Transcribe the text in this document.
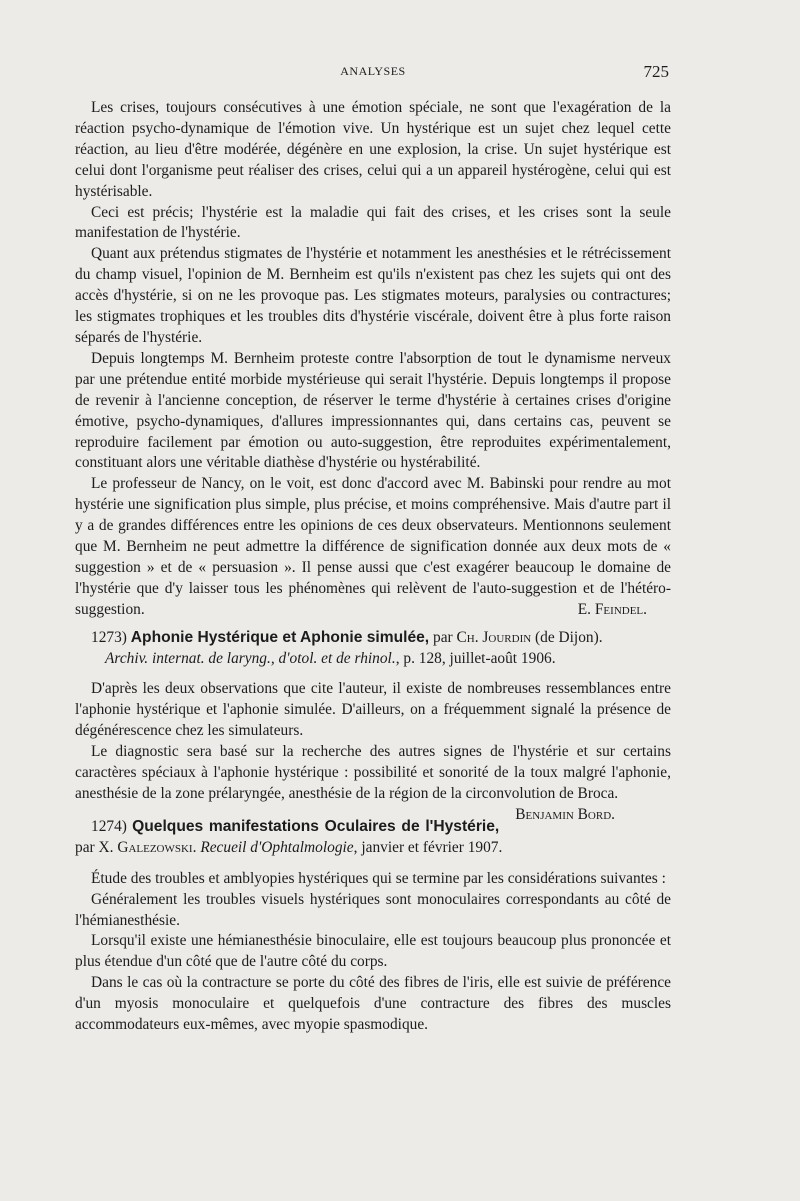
ANALYSES	725

Les crises, toujours consécutives à une émotion spéciale, ne sont que l'exagération de la réaction psycho-dynamique de l'émotion vive. Un hystérique est un sujet chez lequel cette réaction, au lieu d'être modérée, dégénère en une explosion, la crise. Un sujet hystérique est celui dont l'organisme peut réaliser des crises, celui qui a un appareil hystérogène, celui qui est hystérisable.

Ceci est précis; l'hystérie est la maladie qui fait des crises, et les crises sont la seule manifestation de l'hystérie.

Quant aux prétendus stigmates de l'hystérie et notamment les anesthésies et le rétrécissement du champ visuel, l'opinion de M. Bernheim est qu'ils n'existent pas chez les sujets qui ont des accès d'hystérie, si on ne les provoque pas. Les stigmates moteurs, paralysies ou contractures; les stigmates trophiques et les troubles dits d'hystérie viscérale, doivent être à plus forte raison séparés de l'hystérie.

Depuis longtemps M. Bernheim proteste contre l'absorption de tout le dynamisme nerveux par une prétendue entité morbide mystérieuse qui serait l'hystérie. Depuis longtemps il propose de revenir à l'ancienne conception, de réserver le terme d'hystérie à certaines crises d'origine émotive, psycho-dynamiques, d'allures impressionnantes qui, dans certains cas, peuvent se reproduire facilement par émotion ou auto-suggestion, être reproduites expérimentalement, constituant alors une véritable diathèse d'hystérie ou hystérabilité.

Le professeur de Nancy, on le voit, est donc d'accord avec M. Babinski pour rendre au mot hystérie une signification plus simple, plus précise, et moins compréhensive. Mais d'autre part il y a de grandes différences entre les opinions de ces deux observateurs. Mentionnons seulement que M. Bernheim ne peut admettre la différence de signification donnée aux deux mots de « suggestion » et de « persuasion ». Il pense aussi que c'est exagérer beaucoup le domaine de l'hystérie que d'y laisser tous les phénomènes qui relèvent de l'auto-suggestion et de l'hétéro-suggestion.	E. Feindel.

1273) Aphonie Hystérique et Aphonie simulée, par Ch. Jourdin (de Dijon).

Archiv. internat. de laryng., d'otol. et de rhinol., p. 128, juillet-août 1906.

D'après les deux observations que cite l'auteur, il existe de nombreuses ressemblances entre l'aphonie hystérique et l'aphonie simulée. D'ailleurs, on a fréquemment signalé la présence de dégénérescence chez les simulateurs.

Le diagnostic sera basé sur la recherche des autres signes de l'hystérie et sur certains caractères spéciaux à l'aphonie hystérique : possibilité et sonorité de la toux malgré l'aphonie, anesthésie de la zone prélaryngée, anesthésie de la région de la circonvolution de Broca.
Benjamin Bord.

1274) Quelques manifestations Oculaires de l'Hystérie, par X. Galezowski. Recueil d'Ophtalmologie, janvier et février 1907.

Étude des troubles et amblyopies hystériques qui se termine par les considérations suivantes :

Généralement les troubles visuels hystériques sont monoculaires correspondants au côté de l'hémianesthésie.

Lorsqu'il existe une hémianesthésie binoculaire, elle est toujours beaucoup plus prononcée et plus étendue d'un côté que de l'autre côté du corps.

Dans le cas où la contracture se porte du côté des fibres de l'iris, elle est suivie de préférence d'un myosis monoculaire et quelquefois d'une contracture des fibres des muscles accommodateurs eux-mêmes, avec myopie spasmodique.
